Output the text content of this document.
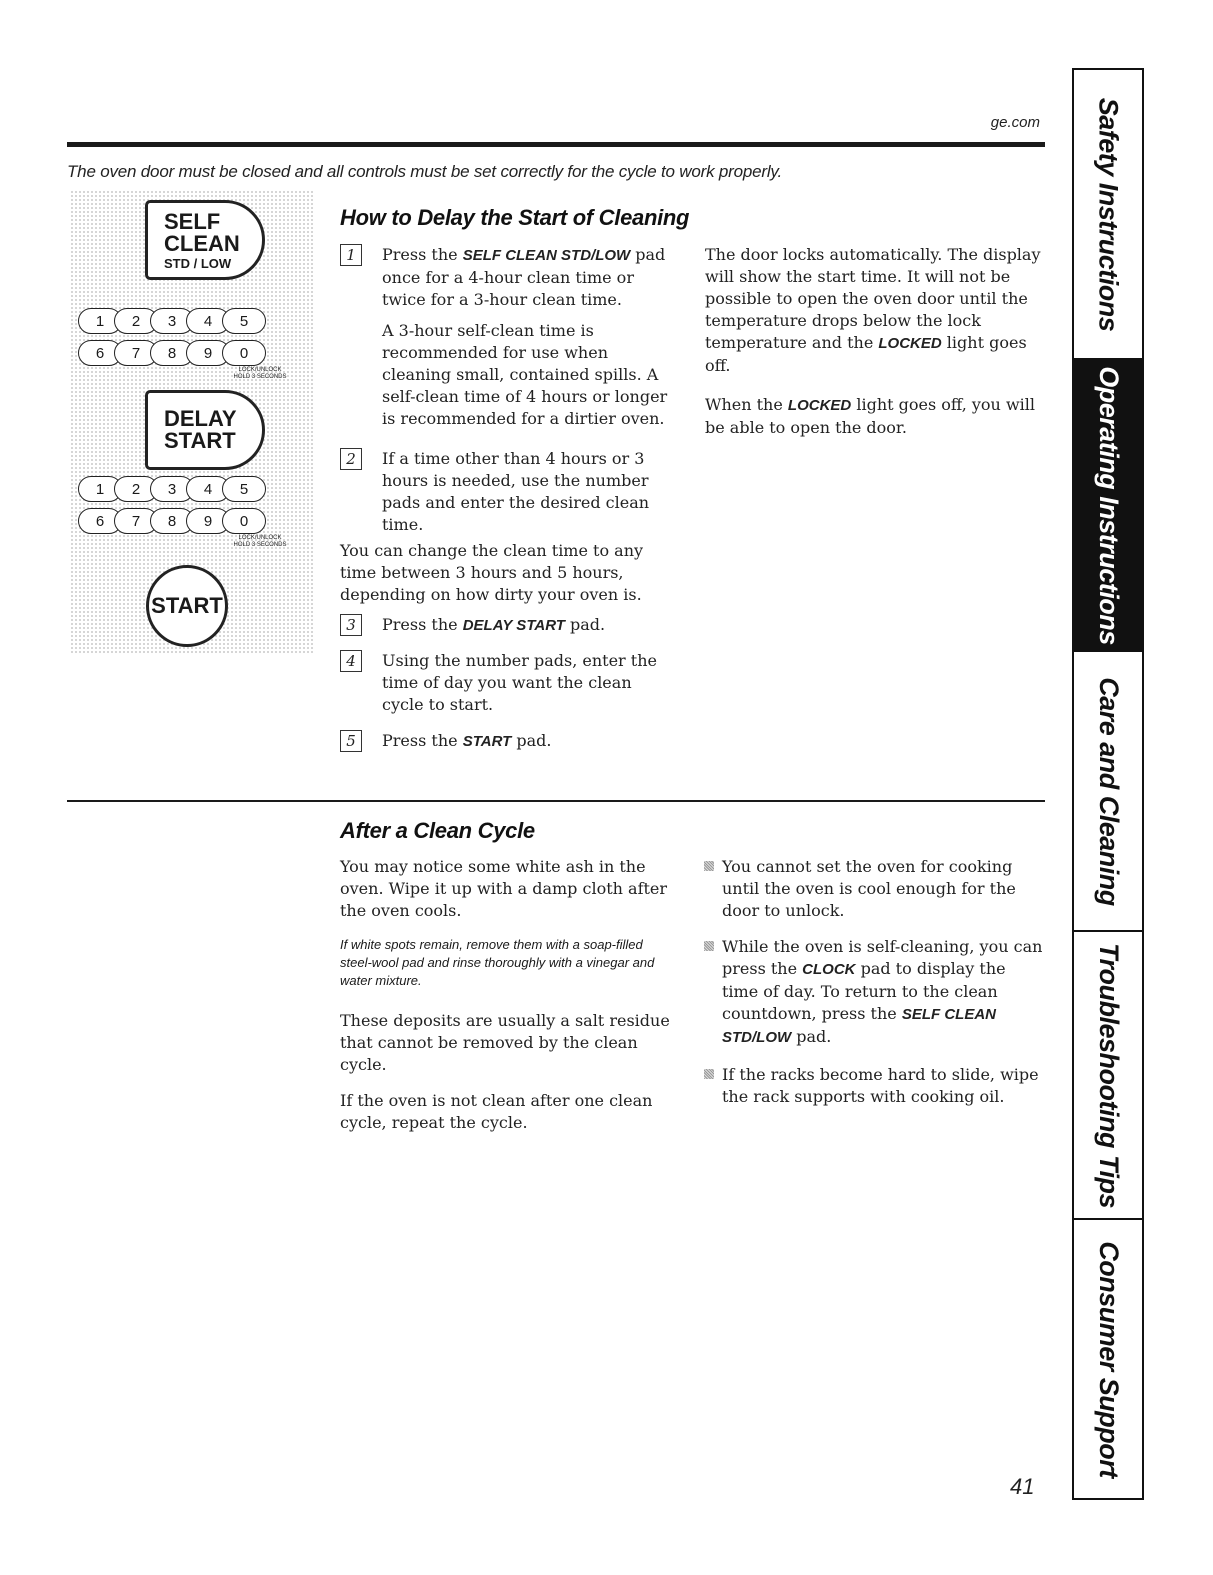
ge.com
The oven door must be closed and all controls must be set correctly for the cycle to work properly.
SELF
CLEAN
STD / LOW
1	2	3	4	5
6	7	8	9	0
LOCK/UNLOCK
HOLD 3 SECONDS
DELAY
START
1	2	3	4	5
6	7	8	9	0
LOCK/UNLOCK
HOLD 3 SECONDS
START
How to Delay the Start of Cleaning
1	Press the SELF CLEAN STD/LOW pad once for a 4-hour clean time or twice for a 3-hour clean time.
A 3-hour self-clean time is recommended for use when cleaning small, contained spills. A self-clean time of 4 hours or longer is recommended for a dirtier oven.
2	If a time other than 4 hours or 3 hours is needed, use the number pads and enter the desired clean time.
You can change the clean time to any time between 3 hours and 5 hours, depending on how dirty your oven is.
3	Press the DELAY START pad.
4	Using the number pads, enter the time of day you want the clean cycle to start.
5	Press the START pad.
The door locks automatically. The display will show the start time. It will not be possible to open the oven door until the temperature drops below the lock temperature and the LOCKED light goes off.
When the LOCKED light goes off, you will be able to open the door.
After a Clean Cycle
You may notice some white ash in the oven. Wipe it up with a damp cloth after the oven cools.
If white spots remain, remove them with a soap-filled steel-wool pad and rinse thoroughly with a vinegar and water mixture.
These deposits are usually a salt residue that cannot be removed by the clean cycle.
If the oven is not clean after one clean cycle, repeat the cycle.
You cannot set the oven for cooking until the oven is cool enough for the door to unlock.
While the oven is self-cleaning, you can press the CLOCK pad to display the time of day. To return to the clean countdown, press the SELF CLEAN STD/LOW pad.
If the racks become hard to slide, wipe the rack supports with cooking oil.
41
Safety Instructions
Operating Instructions
Care and Cleaning
Troubleshooting Tips
Consumer Support
